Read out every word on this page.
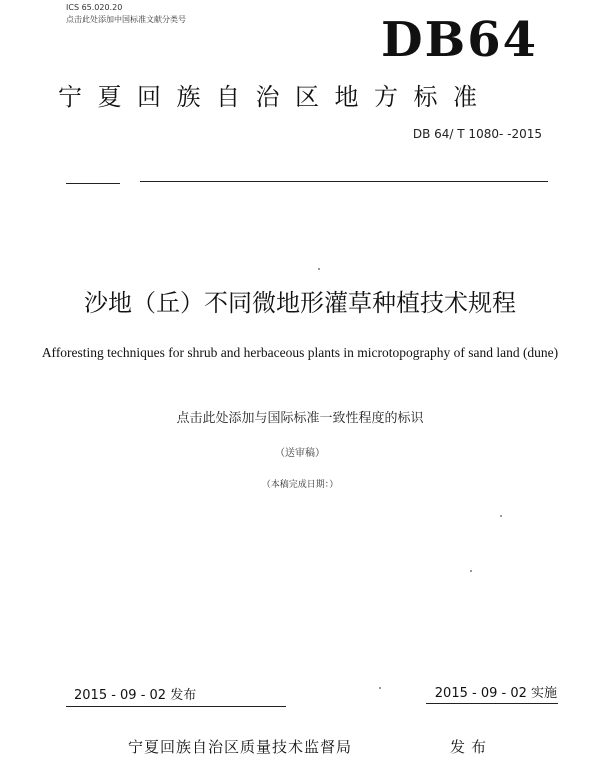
ICS 65.020.20
点击此处添加中国标准文献分类号	DB64
宁夏回族自治区地方标准
DB 64/ T 1080- -2015
沙地（丘）不同微地形灌草种植技术规程
Afforesting techniques for shrub and herbaceous plants in microtopography of sand land (dune)
点击此处添加与国际标准一致性程度的标识
（送审稿）
（本稿完成日期：）
2015 - 09 - 02 发布	2015 - 09 - 02 实施
宁夏回族自治区质量技术监督局	发布
